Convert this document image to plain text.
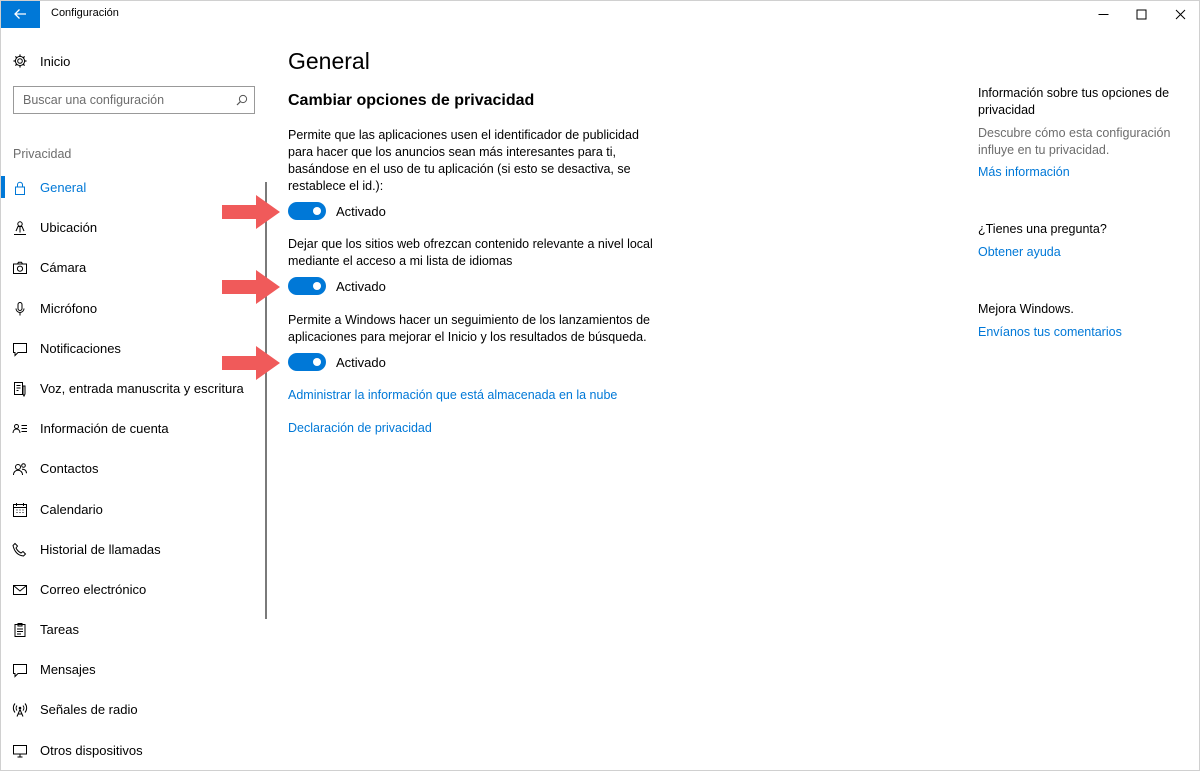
Configuración
Inicio
Buscar una configuración
Privacidad
General
Ubicación
Cámara
Micrófono
Notificaciones
Voz, entrada manuscrita y escritura
Información de cuenta
Contactos
Calendario
Historial de llamadas
Correo electrónico
Tareas
Mensajes
Señales de radio
Otros dispositivos
General
Cambiar opciones de privacidad

Permite que las aplicaciones usen el identificador de publicidad para hacer que los anuncios sean más interesantes para ti, basándose en el uso de tu aplicación (si esto se desactiva, se restablece el id.):

Activado

Dejar que los sitios web ofrezcan contenido relevante a nivel local mediante el acceso a mi lista de idiomas

Activado

Permite a Windows hacer un seguimiento de los lanzamientos de aplicaciones para mejorar el Inicio y los resultados de búsqueda.

Activado
Administrar la información que está almacenada en la nube
Declaración de privacidad

Información sobre tus opciones de privacidad

Descubre cómo esta configuración influye en tu privacidad.

Más información

¿Tienes una pregunta?

Obtener ayuda

Mejora Windows.

Envíanos tus comentarios
